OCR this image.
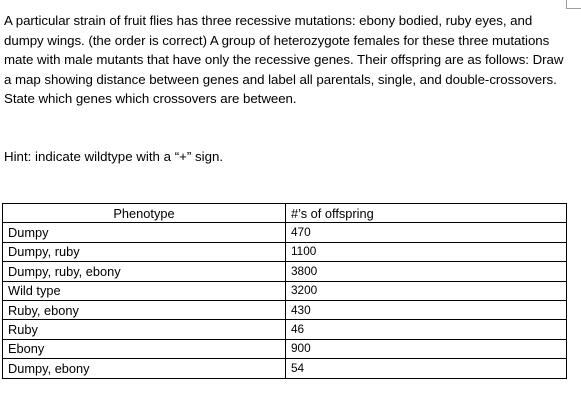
A particular strain of fruit flies has three recessive mutations: ebony bodied, ruby eyes, and dumpy wings. (the order is correct) A group of heterozygote females for these three mutations mate with male mutants that have only the recessive genes. Their offspring are as follows: Draw a map showing distance between genes and label all parentals, single, and double-crossovers. State which genes which crossovers are between.

Hint: indicate wildtype with a “+” sign.

Phenotype	#’s of offspring
Dumpy	470
Dumpy, ruby	1100
Dumpy, ruby, ebony	3800
Wild type	3200
Ruby, ebony	430
Ruby	46
Ebony	900
Dumpy, ebony	54
